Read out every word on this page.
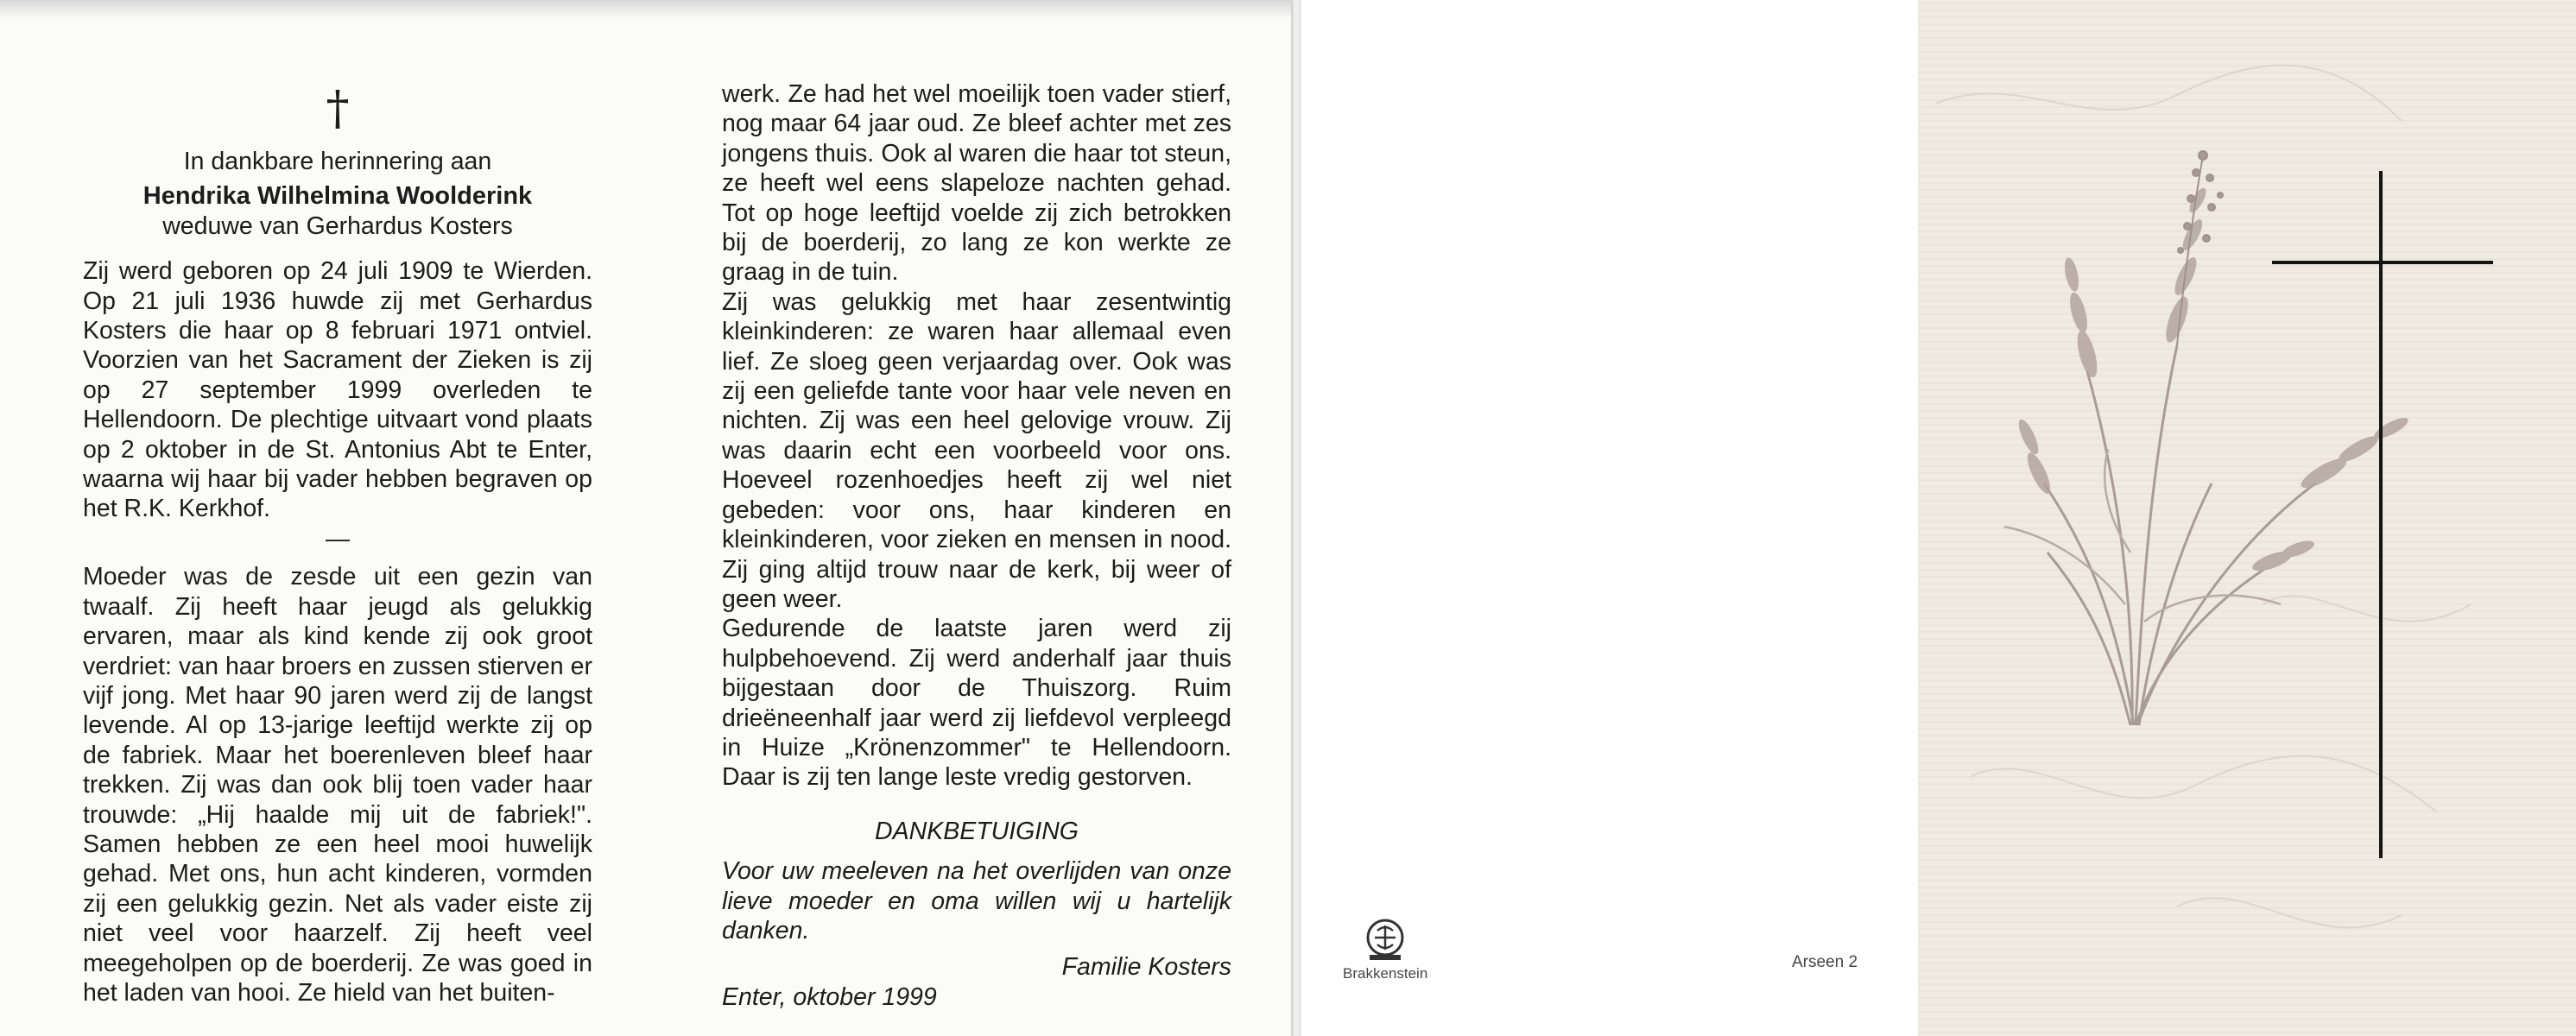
†

In dankbare herinnering aan

Hendrika Wilhelmina Woolderink

weduwe van Gerhardus Kosters

Zij werd geboren op 24 juli 1909 te Wierden. Op 21 juli 1936 huwde zij met Gerhardus Kosters die haar op 8 februari 1971 ontviel. Voorzien van het Sacrament der Zieken is zij op 27 september 1999 overleden te Hellendoorn. De plechtige uitvaart vond plaats op 2 oktober in de St. Antonius Abt te Enter, waarna wij haar bij vader hebben begraven op het R.K. Kerkhof.

—

Moeder was de zesde uit een gezin van twaalf. Zij heeft haar jeugd als gelukkig ervaren, maar als kind kende zij ook groot verdriet: van haar broers en zussen stierven er vijf jong. Met haar 90 jaren werd zij de langst levende. Al op 13-jarige leeftijd werkte zij op de fabriek. Maar het boerenleven bleef haar trekken. Zij was dan ook blij toen vader haar trouwde: „Hij haalde mij uit de fabriek!". Samen hebben ze een heel mooi huwelijk gehad. Met ons, hun acht kinderen, vormden zij een gelukkig gezin. Net als vader eiste zij niet veel voor haarzelf. Zij heeft veel meegeholpen op de boerderij. Ze was goed in het laden van hooi. Ze hield van het buiten-

werk. Ze had het wel moeilijk toen vader stierf, nog maar 64 jaar oud. Ze bleef achter met zes jongens thuis. Ook al waren die haar tot steun, ze heeft wel eens slapeloze nachten gehad. Tot op hoge leeftijd voelde zij zich betrokken bij de boerderij, zo lang ze kon werkte ze graag in de tuin.

Zij was gelukkig met haar zesentwintig kleinkinderen: ze waren haar allemaal even lief. Ze sloeg geen verjaardag over. Ook was zij een geliefde tante voor haar vele neven en nichten. Zij was een heel gelovige vrouw. Zij was daarin echt een voorbeeld voor ons. Hoeveel rozenhoedjes heeft zij wel niet gebeden: voor ons, haar kinderen en kleinkinderen, voor zieken en mensen in nood. Zij ging altijd trouw naar de kerk, bij weer of geen weer.

Gedurende de laatste jaren werd zij hulpbehoevend. Zij werd anderhalf jaar thuis bijgestaan door de Thuiszorg. Ruim drieëneenhalf jaar werd zij liefdevol verpleegd in Huize „Krönenzommer" te Hellendoorn. Daar is zij ten lange leste vredig gestorven.

DANKBETUIGING

Voor uw meeleven na het overlijden van onze lieve moeder en oma willen wij u hartelijk danken.

Familie Kosters

Enter, oktober 1999

Brakkenstein
Arseen 2
